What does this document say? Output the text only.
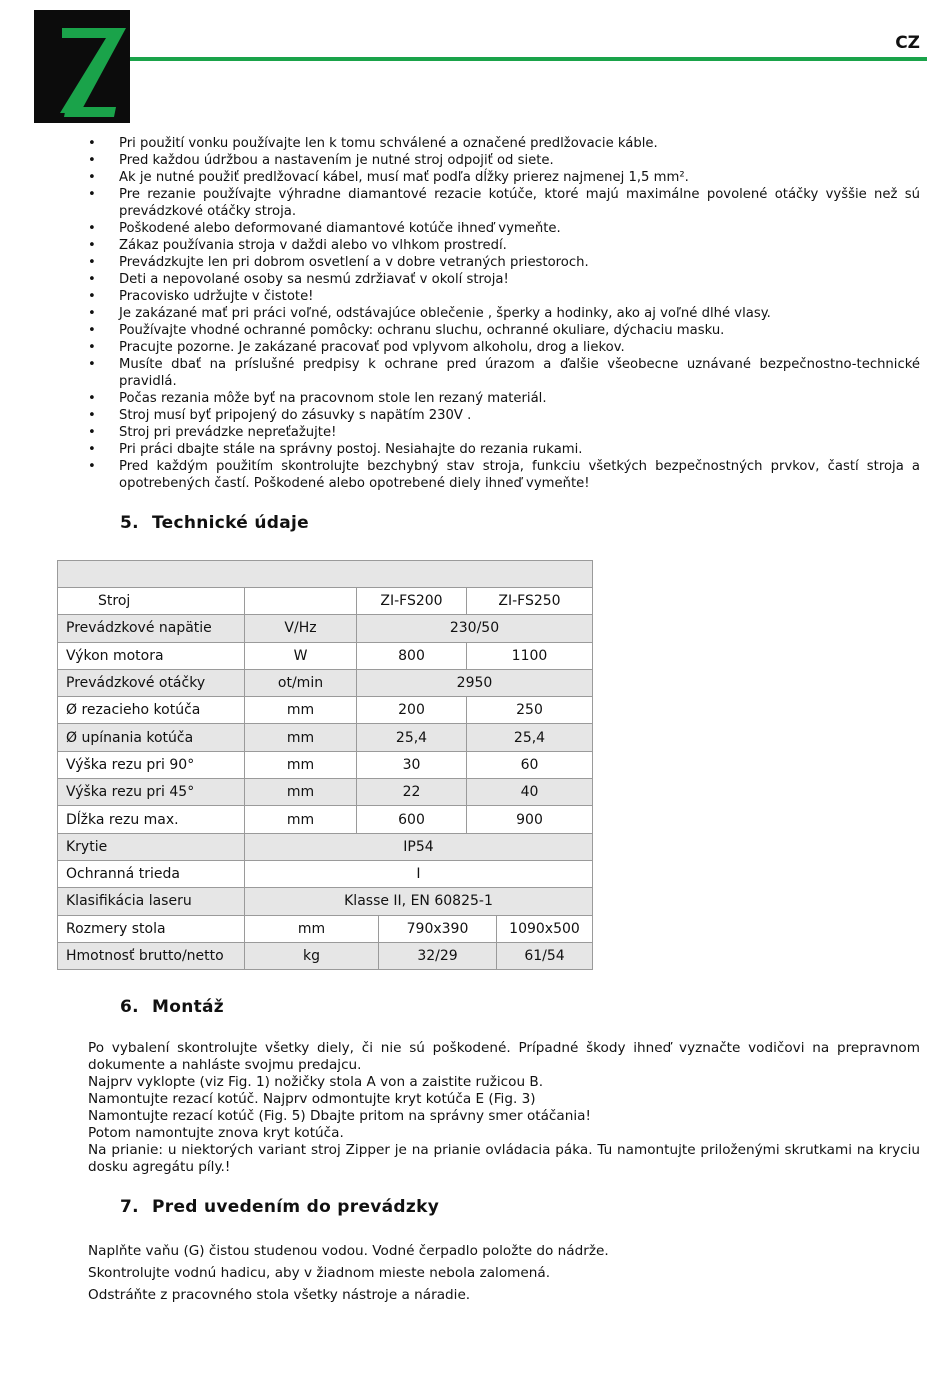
CZ
• Pri použití vonku používajte len k tomu schválené a označené predlžovacie káble.
• Pred každou údržbou a nastavením je nutné stroj odpojiť od siete.
• Ak je nutné použiť predlžovací kábel, musí mať podľa dĺžky prierez najmenej 1,5 mm².
• Pre rezanie používajte výhradne diamantové rezacie kotúče, ktoré majú maximálne povolené otáčky vyššie než sú prevádzkové otáčky stroja.
• Poškodené alebo deformované diamantové kotúče ihneď vymeňte.
• Zákaz používania stroja v daždi alebo vo vlhkom prostredí.
• Prevádzkujte len pri dobrom osvetlení a v dobre vetraných priestoroch.
• Deti a nepovolané osoby sa nesmú zdržiavať v okolí stroja!
• Pracovisko udržujte v čistote!
• Je zakázané mať pri práci voľné, odstávajúce oblečenie , šperky a hodinky, ako aj voľné dlhé vlasy.
• Používajte vhodné ochranné pomôcky: ochranu sluchu, ochranné okuliare, dýchaciu masku.
• Pracujte pozorne. Je zakázané pracovať pod vplyvom alkoholu, drog a liekov.
• Musíte dbať na príslušné predpisy k ochrane pred úrazom a ďalšie všeobecne uznávané bezpečnostno-technické pravidlá.
• Počas rezania môže byť na pracovnom stole len rezaný materiál.
• Stroj musí byť pripojený do zásuvky s napätím 230V .
• Stroj pri prevádzke nepreťažujte!
• Pri práci dbajte stále na správny postoj. Nesiahajte do rezania rukami.
• Pred každým použitím skontrolujte bezchybný stav stroja, funkciu všetkých bezpečnostných prvkov, častí stroja a opotrebených častí. Poškodené alebo opotrebené diely ihneď vymeňte!
5. Technické údaje

Stroj		ZI-FS200		ZI-FS250	
Prevádzkové napätie	V/Hz	230/50			
Výkon motora	W	800		1100	
Prevádzkové otáčky	ot/min	2950			
Ø rezacieho kotúča	mm	200		250	
Ø upínania kotúča	mm	25,4		25,4	
Výška rezu pri 90°	mm	30		60	
Výška rezu pri 45°	mm	22		40	
Dĺžka rezu max.	mm	600		900	
Krytie	IP54				
Ochranná trieda	I				
Klasifikácia laseru	Klasse II, EN 60825-1				
Rozmery stola	mm		790x390		1090x500
Hmotnosť brutto/netto	kg		32/29		61/54
6. Montáž

Po vybalení skontrolujte všetky diely, či nie sú poškodené. Prípadné škody ihneď vyznačte vodičovi na prepravnom dokumente a nahláste svojmu predajcu.

Najprv vyklopte (viz Fig. 1) nožičky stola A von a zaistite ružicou B.

Namontujte rezací kotúč. Najprv odmontujte kryt kotúča E (Fig. 3)

Namontujte rezací kotúč (Fig. 5) Dbajte pritom na správny smer otáčania!

Potom namontujte znova kryt kotúča.

Na prianie: u niektorých variant stroj Zipper je na prianie ovládacia páka. Tu namontujte priloženými skrutkami na kryciu dosku agregátu píly.!

7. Pred uvedením do prevádzky

Naplňte vaňu (G) čistou studenou vodou. Vodné čerpadlo položte do nádrže.

Skontrolujte vodnú hadicu, aby v žiadnom mieste nebola zalomená.

Odstráňte z pracovného stola všetky nástroje a náradie.
